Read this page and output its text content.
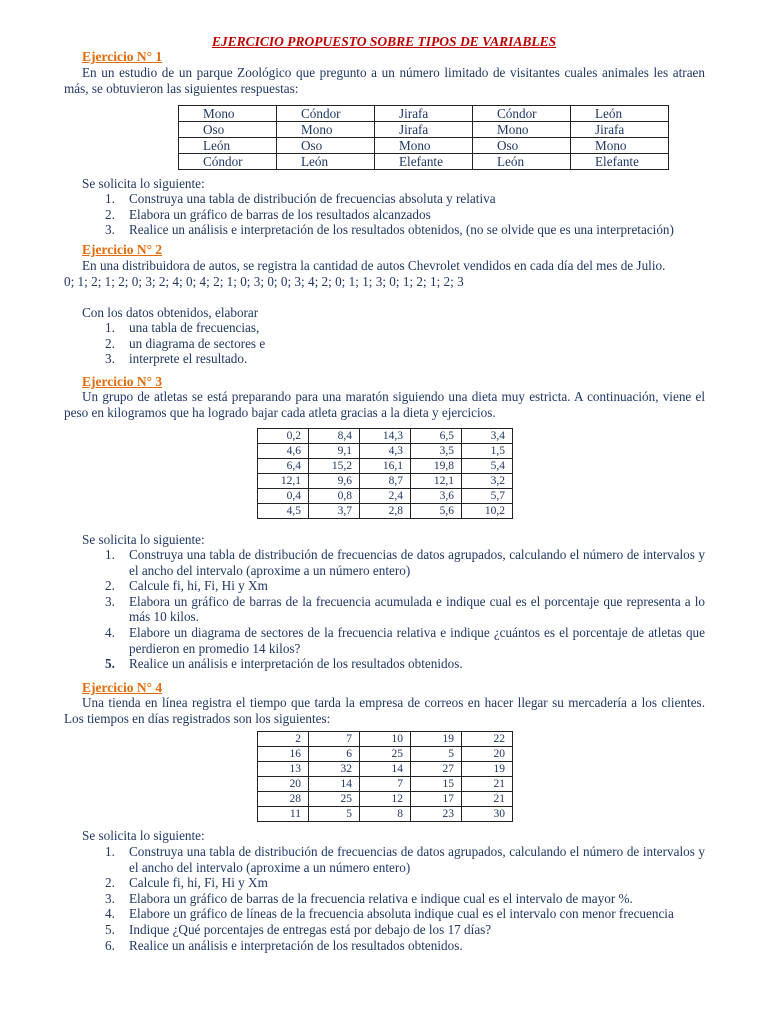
EJERCICIO PROPUESTO SOBRE TIPOS DE VARIABLES
Ejercicio N° 1
En un estudio de un parque Zoológico que pregunto a un número limitado de visitantes cuales animales les atraen más, se obtuvieron las siguientes respuestas:
Mono	Cóndor	Jirafa	Cóndor	León
Oso	Mono	Jirafa	Mono	Jirafa
León	Oso	Mono	Oso	Mono
Cóndor	León	Elefante	León	Elefante
Se solicita lo siguiente:
1. Construya una tabla de distribución de frecuencias absoluta y relativa
2. Elabora un gráfico de barras de los resultados alcanzados
3. Realice un análisis e interpretación de los resultados obtenidos, (no se olvide que es una interpretación)
Ejercicio N° 2
En una distribuidora de autos, se registra la cantidad de autos Chevrolet vendidos en cada día del mes de Julio.
0; 1; 2; 1; 2; 0; 3; 2; 4; 0; 4; 2; 1; 0; 3; 0; 0; 3; 4; 2; 0; 1; 1; 3; 0; 1; 2; 1; 2; 3
Con los datos obtenidos, elaborar
1. una tabla de frecuencias,
2. un diagrama de sectores e
3. interprete el resultado.
Ejercicio N° 3
Un grupo de atletas se está preparando para una maratón siguiendo una dieta muy estricta. A continuación, viene el peso en kilogramos que ha logrado bajar cada atleta gracias a la dieta y ejercicios.
0,2	8,4	14,3	6,5	3,4
4,6	9,1	4,3	3,5	1,5
6,4	15,2	16,1	19,8	5,4
12,1	9,6	8,7	12,1	3,2
0,4	0,8	2,4	3,6	5,7
4,5	3,7	2,8	5,6	10,2
Se solicita lo siguiente:
1. Construya una tabla de distribución de frecuencias de datos agrupados, calculando el número de intervalos y el ancho del intervalo (aproxime a un número entero)
2. Calcule fi, hi, Fi, Hi y Xm
3. Elabora un gráfico de barras de la frecuencia acumulada e indique cual es el porcentaje que representa a lo más 10 kilos.
4. Elabore un diagrama de sectores de la frecuencia relativa e indique ¿cuántos es el porcentaje de atletas que perdieron en promedio 14 kilos?
5. Realice un análisis e interpretación de los resultados obtenidos.
Ejercicio N° 4
Una tienda en línea registra el tiempo que tarda la empresa de correos en hacer llegar su mercadería a los clientes. Los tiempos en días registrados son los siguientes:
2	7	10	19	22
16	6	25	5	20
13	32	14	27	19
20	14	7	15	21
28	25	12	17	21
11	5	8	23	30
Se solicita lo siguiente:
1. Construya una tabla de distribución de frecuencias de datos agrupados, calculando el número de intervalos y el ancho del intervalo (aproxime a un número entero)
2. Calcule fi, hi, Fi, Hi y Xm
3. Elabora un gráfico de barras de la frecuencia relativa e indique cual es el intervalo de mayor %.
4. Elabore un gráfico de líneas de la frecuencia absoluta indique cual es el intervalo con menor frecuencia
5. Indique ¿Qué porcentajes de entregas está por debajo de los 17 días?
6. Realice un análisis e interpretación de los resultados obtenidos.
